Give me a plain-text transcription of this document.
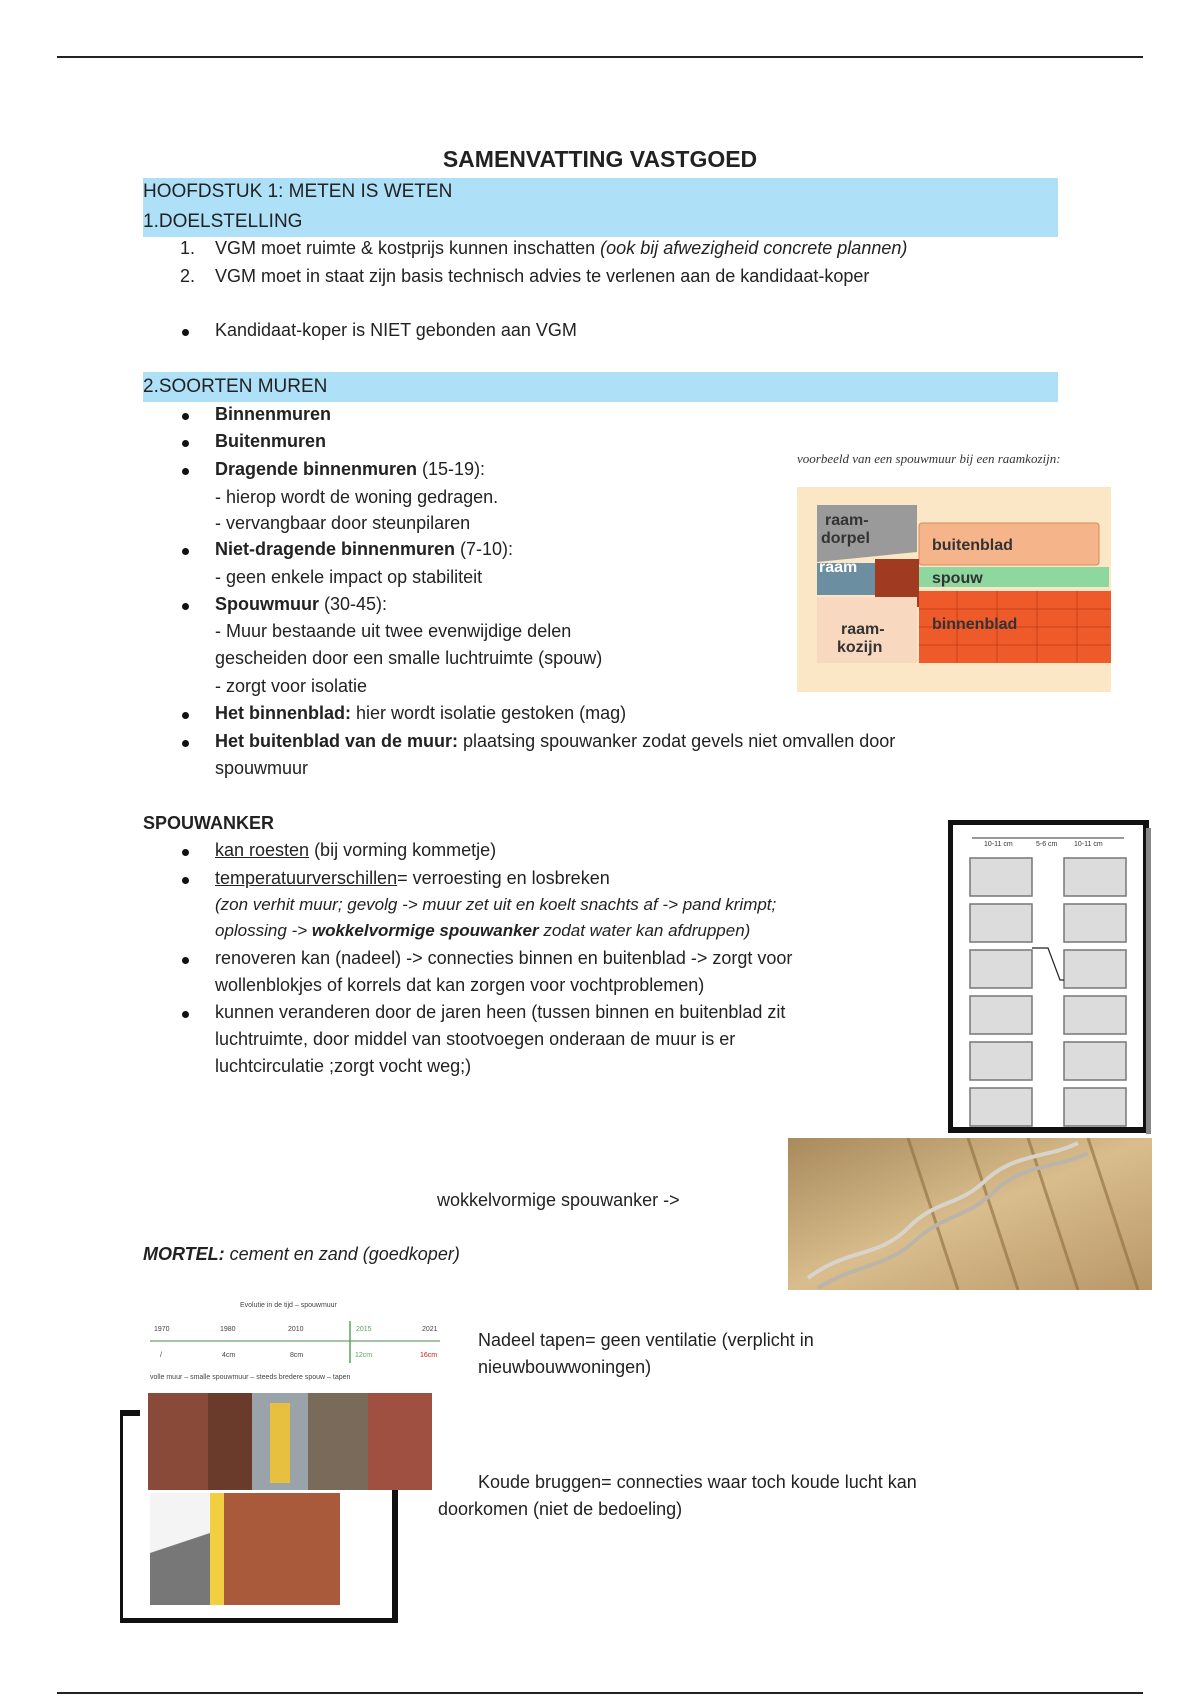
SAMENVATTING VASTGOED
HOOFDSTUK 1: METEN IS WETEN
1.DOELSTELLING
1. VGM moet ruimte & kostprijs kunnen inschatten (ook bij afwezigheid concrete plannen)
2. VGM moet in staat zijn basis technisch advies te verlenen aan de kandidaat-koper
Kandidaat-koper is NIET gebonden aan VGM
2.SOORTEN MUREN
Binnenmuren
Buitenmuren
Dragende binnenmuren (15-19):
- hierop wordt de woning gedragen.
- vervangbaar door steunpilaren
Niet-dragende binnenmuren (7-10):
- geen enkele impact op stabiliteit
Spouwmuur (30-45):
- Muur bestaande uit twee evenwijdige delen
gescheiden door een smalle luchtruimte (spouw)
- zorgt voor isolatie
Het binnenblad: hier wordt isolatie gestoken (mag)
Het buitenblad van de muur: plaatsing spouwanker zodat gevels niet omvallen door
spouwmuur
voorbeeld van een spouwmuur bij een raamkozijn:
raam-
dorpel
raam
buitenblad
spouw
binnenblad
raam-
kozijn
SPOUWANKER
kan roesten (bij vorming kommetje)
temperatuurverschillen= verroesting en losbreken
(zon verhit muur; gevolg -> muur zet uit en koelt snachts af -> pand krimpt;
oplossing -> wokkelvormige spouwanker zodat water kan afdruppen)
renoveren kan (nadeel) -> connecties binnen en buitenblad -> zorgt voor
wollenblokjes of korrels dat kan zorgen voor vochtproblemen)
kunnen veranderen door de jaren heen (tussen binnen en buitenblad zit
luchtruimte, door middel van stootvoegen onderaan de muur is er
luchtcirculatie ;zorgt vocht weg;)
10-11 cm	5-6 cm 10-11 cm
wokkelvormige spouwanker ->
MORTEL: cement en zand (goedkoper)
Evolutie in de tijd – spouwmuur
1970	1980	2010	2015	2021
/	4cm	8cm	12cm	16cm
volle muur – smalle spouwmuur – steeds bredere spouw – tapen
Nadeel tapen= geen ventilatie (verplicht in
nieuwbouwwoningen)
Koude bruggen= connecties waar toch koude lucht kan
doorkomen (niet de bedoeling)
